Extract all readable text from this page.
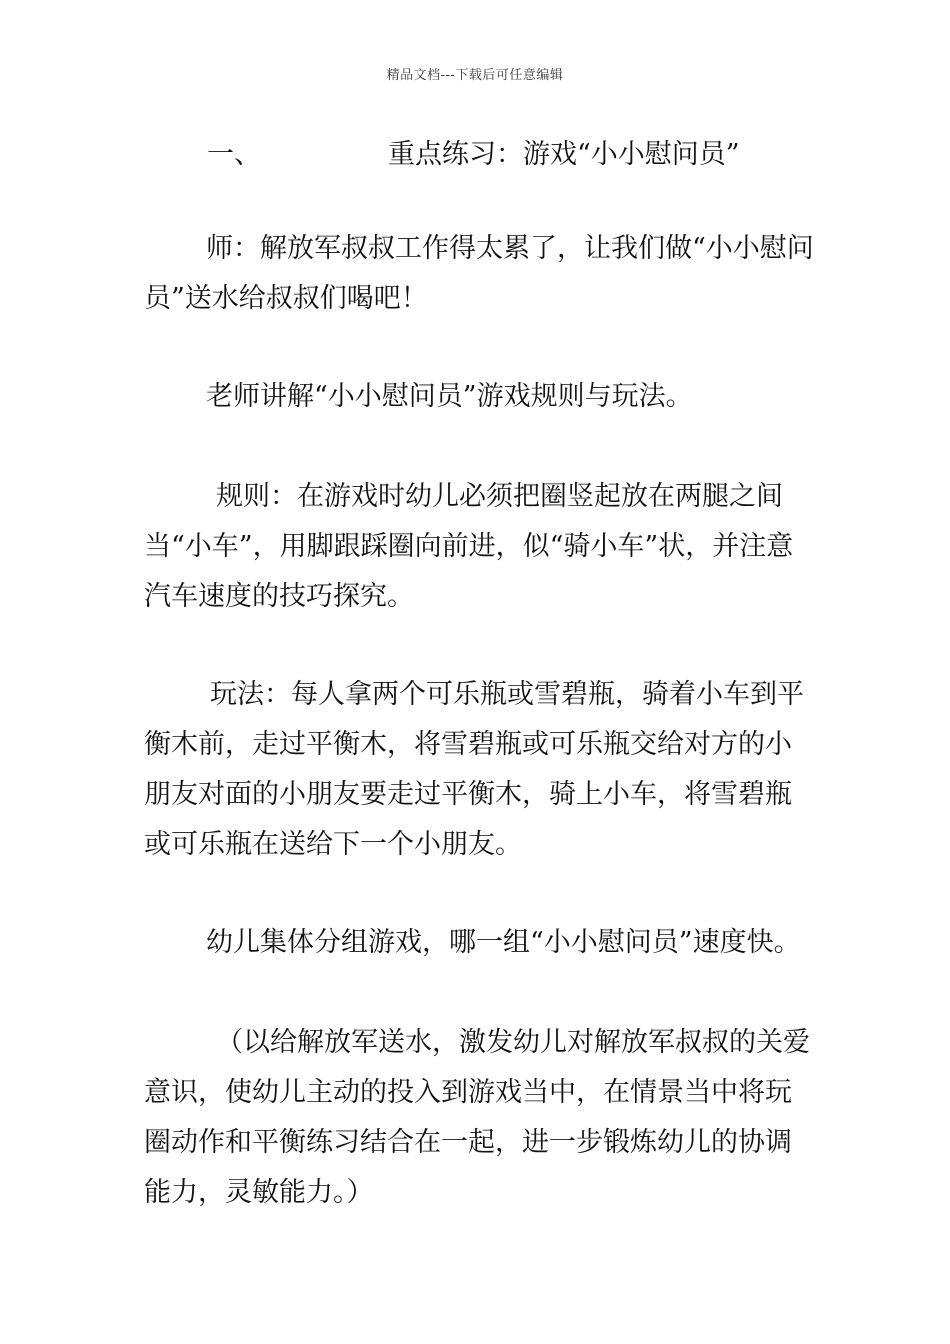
精品文档---下载后可任意编辑
一、	重点练习：游戏“小小慰问员”

师：解放军叔叔工作得太累了，让我们做“小小慰问员”送水给叔叔们喝吧！

老师讲解“小小慰问员”游戏规则与玩法。

规则：在游戏时幼儿必须把圈竖起放在两腿之间当“小车”，用脚跟踩圈向前进，似“骑小车”状，并注意汽车速度的技巧探究。

玩法：每人拿两个可乐瓶或雪碧瓶，骑着小车到平衡木前，走过平衡木，将雪碧瓶或可乐瓶交给对方的小朋友对面的小朋友要走过平衡木，骑上小车，将雪碧瓶或可乐瓶在送给下一个小朋友。

幼儿集体分组游戏，哪一组“小小慰问员”速度快。

（以给解放军送水，激发幼儿对解放军叔叔的关爱意识，使幼儿主动的投入到游戏当中，在情景当中将玩圈动作和平衡练习结合在一起，进一步锻炼幼儿的协调能力，灵敏能力。）
